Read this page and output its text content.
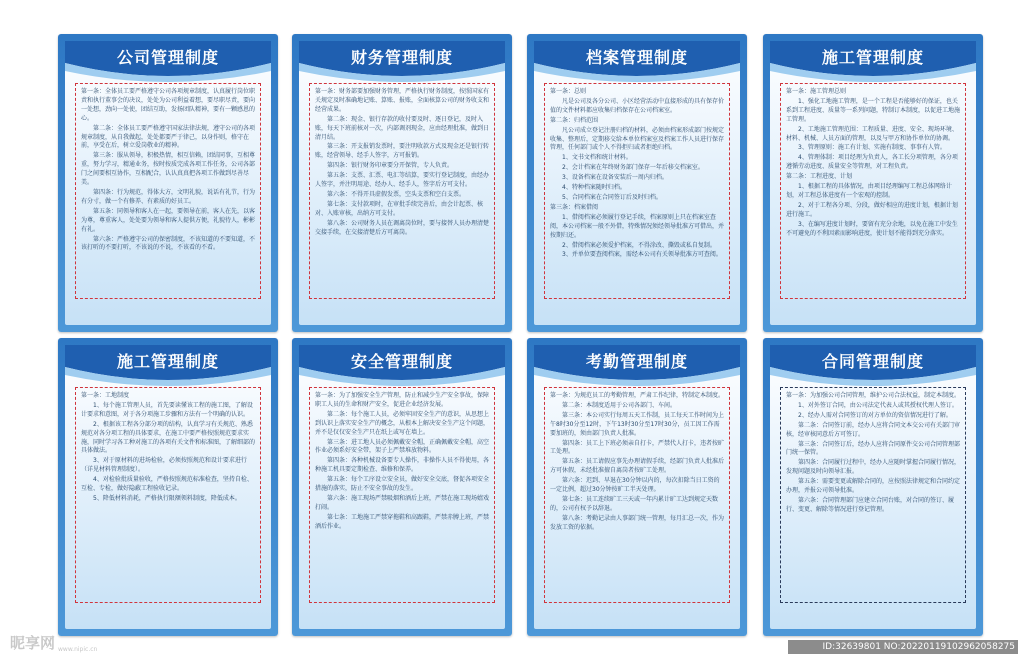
公司管理制度

第一条：全体员工要严格遵守公司各项规章制度，认真履行岗位职责和执行董事会的决议，处处为公司利益着想，要尽职尽责，要向一处想，劲向一处使，团结互助，发扬团队精神，要有一颗感恩的心。

第二条：全体员工要严格遵守国家法律法规，遵守公司的各项规章制度，从自我做起，处处都要严于律己，以身作则，格守在前，享受在后，树立爱岗敬业的精神。

第三条：服从领导，积极热情，相互信赖，团结同事，互相尊重，努力学习，精通业务，按时按质完成各项工作任务，公司各部门之间要相互协作，互相配合，认认真真把各项工作做到尽善尽美。

第四条：行为规范，得体大方，文明礼貌，说话有礼节，行为有分寸，做一个有修养、有素质的好员工。

第五条：同领导和客人在一起，要领导在前，客人在先，以客为尊，尊重客人，处处要为领导和客人提供方便，礼貌待人，彬彬有礼。

第六条：严格遵守公司的保密制度，不该知道的不要知道，不该打听的不要打听，不该说的不说，不该看的不看。

财务管理制度

第一条：财务部要加强财务管理，严格执行财务制度，按照国家有关规定及时准确地记账、算账、报账，全面核算公司的财务收支和经营成果。

第二条：现金、银行存款的收付要及时、逐日登记，及时入账，每天下班前核对一次，内部调剂现金，应由经理批准，做到日清月结。

第三条：开支报销发票时，要注明收款方式及现金还是银行转账，经营领导、经手人签字，方可报销。

第四条：银行财务印章要分开保管，专人负责。

第五条：支票、汇票、电汇等结算，要实行登记制度，由经办人签字，并注明用途、经办人、经手人，签字后方可支付。

第六条：不得开具虚假发票，空头支票和空白支票。

第七条：支付款项时，在审批手续完善后，由会计起票、核对、入账审核，出纳方可支付。

第八条：公司财务人员在调离岗位时，要与接替人员办理清楚交接手续，在交接清楚后方可离岗。

档案管理制度

第一条：总则

凡是公司及各分公司、小区经营活动中直接形成的具有保存价值的文件材料都应收集归档保存在公司档案室。

第二条：归档范围

凡公司成立登记注册归档的材料，必须由档案形成部门按规定收集、整理后，定期移交给本单位档案室及档案工作人员进行保存管理，任何部门或个人不得拒归或者拒绝归档。

1、文书文档和统计材料。

2、会计档案在年终财务部门保存一年后移交档案室。

3、设备档案在设备安装后一周内归档。

4、特种档案随时归档。

5、合同档案在合同签订后及时归档。

第三条：档案借阅

1、借阅档案必须履行登记手续，档案原则上只在档案室查阅，本公司档案一般不外借，特殊情况须经领导批准方可借出，并按期归还。

2、借阅档案必须爱护档案，不得涂改、撕毁或私自复制。

3、并单位要查阅档案，需经本公司有关领导批准方可查阅。

施工管理制度

第一条：施工管理总则

1、强化工地施工管理，是一个工程是否能够好的保证，也关系到工程进度、质量等一系列问题，特制订本制度，以促进工地施工管理。

2、工地施工管理范围：工程质量、进度、安全、现场环境、材料、机械、人员方面的管理，以及与甲方和协作单位的协调。

3、管理原则：施工有计划、实施有制度、事事有人管。

4、管理体制：项目经理为负责人，各工长分项管理，各分项遵循劳动进度、质量安全等管理，对工程负责。

第二条：工程进度、计划

1、根据工程的具体情况，由项目经理编写工程总体网络计划，对工程总体进度有一个宏观的控制。

2、对于工程各分项、分段，做好相应的进度计划，根据计划进行施工。

3、在编写进度计划时，要留有充分余地，以免在施工中发生不可避免的不利因素而影响进度，使计划不能得到充分落实。

施工管理制度

第一条：工地制度

1、每个施工管理人员，首先要读懂该工程的施工图，了解设计要求和意图，对于各分项施工步骤和方法有一个明确的认识。

2、根据该工程各分部分项的结构，认真学习有关规范、熟悉规范对各分项工程的具体要求，在施工中要严格按照规范要求实施，同时学习各工种对施工的各项有关文件和标准图，了解细部的具体做法。

3、对于原材料的进场检验，必须按照规范和设计要求进行（详见材料管理制度）。

4、对检验批质量验收，严格按照规范标准检查，坚持自检、互检、专检，做好隐蔽工程验收记录。

5、降低材料消耗，严格执行限额领料制度，降低成本。

安全管理制度

第一条：为了加强安全生产管理，防止和减少生产安全事故，保障职工人员的生命和财产安全，促进企业经济发展。

第二条：每个施工人员，必须牢固安全生产的意识，从思想上到认识上落实安全生产的概念，从根本上解决安全生产这个问题，并不是仅仅安全生产只在纸上或写在墙上。

第三条：进工地人员必须佩戴安全帽，正确佩戴安全帽，高空作业必须系好安全带，架子上严禁堆放物料。

第四条：各种机械设备要专人操作，非操作人员不得使用，各种施工机具要定期检查、维修和保养。

第五条：每个工序设立安全员，做好安全交底，督促各项安全措施的落实，防止不安全事故的发生。

第六条：施工现场严禁吸烟和酒后上班，严禁在施工现场嬉戏打闹。

第七条：工地施工严禁穿拖鞋和高跟鞋，严禁赤膊上班，严禁酒后作业。

考勤管理制度

第一条：为规范员工的考勤管理，严肃工作纪律，特制定本制度。

第二条：本制度适用于公司各部门、车间。

第三条：本公司实行每周五天工作制，员工每天工作时间为上午8时30分至12时，下午13时30分至17时30分，员工因工作需要加班的，须由部门负责人批准。

第四条：员工上下班必须亲自打卡，严禁代人打卡，违者按旷工处理。

第五条：员工请假应事先办理请假手续，经部门负责人批准后方可休假，未经批准擅自离岗者按旷工处理。

第六条：迟到、早退在30分钟以内的，每次扣除当日工资的一定比例，超过30分钟按旷工半天处理。

第七条：员工连续旷工三天或一年内累计旷工达到规定天数的，公司有权予以辞退。

第八条：考勤记录由人事部门统一管理，每月汇总一次，作为发放工资的依据。

合同管理制度

第一条：为加强公司合同管理，维护公司合法权益，制定本制度。

1、对外签订合同，由公司法定代表人或其授权代理人签订。

2、经办人需对合同签订的对方单位的资信情况进行了解。

第二条：合同签订前，经办人应将合同文本交公司有关部门审核，经审核同意后方可签订。

第三条：合同签订后，经办人应将合同原件交公司合同管理部门统一保管。

第四条：合同履行过程中，经办人应随时掌握合同履行情况，发现问题及时向领导汇报。

第五条：需要变更或解除合同的，应按照法律规定和合同约定办理，并报公司领导批准。

第六条：合同管理部门应建立合同台账，对合同的签订、履行、变更、解除等情况进行登记管理。

昵享网 www.nipic.cn	ID:32639801 NO:20220119102962058275
